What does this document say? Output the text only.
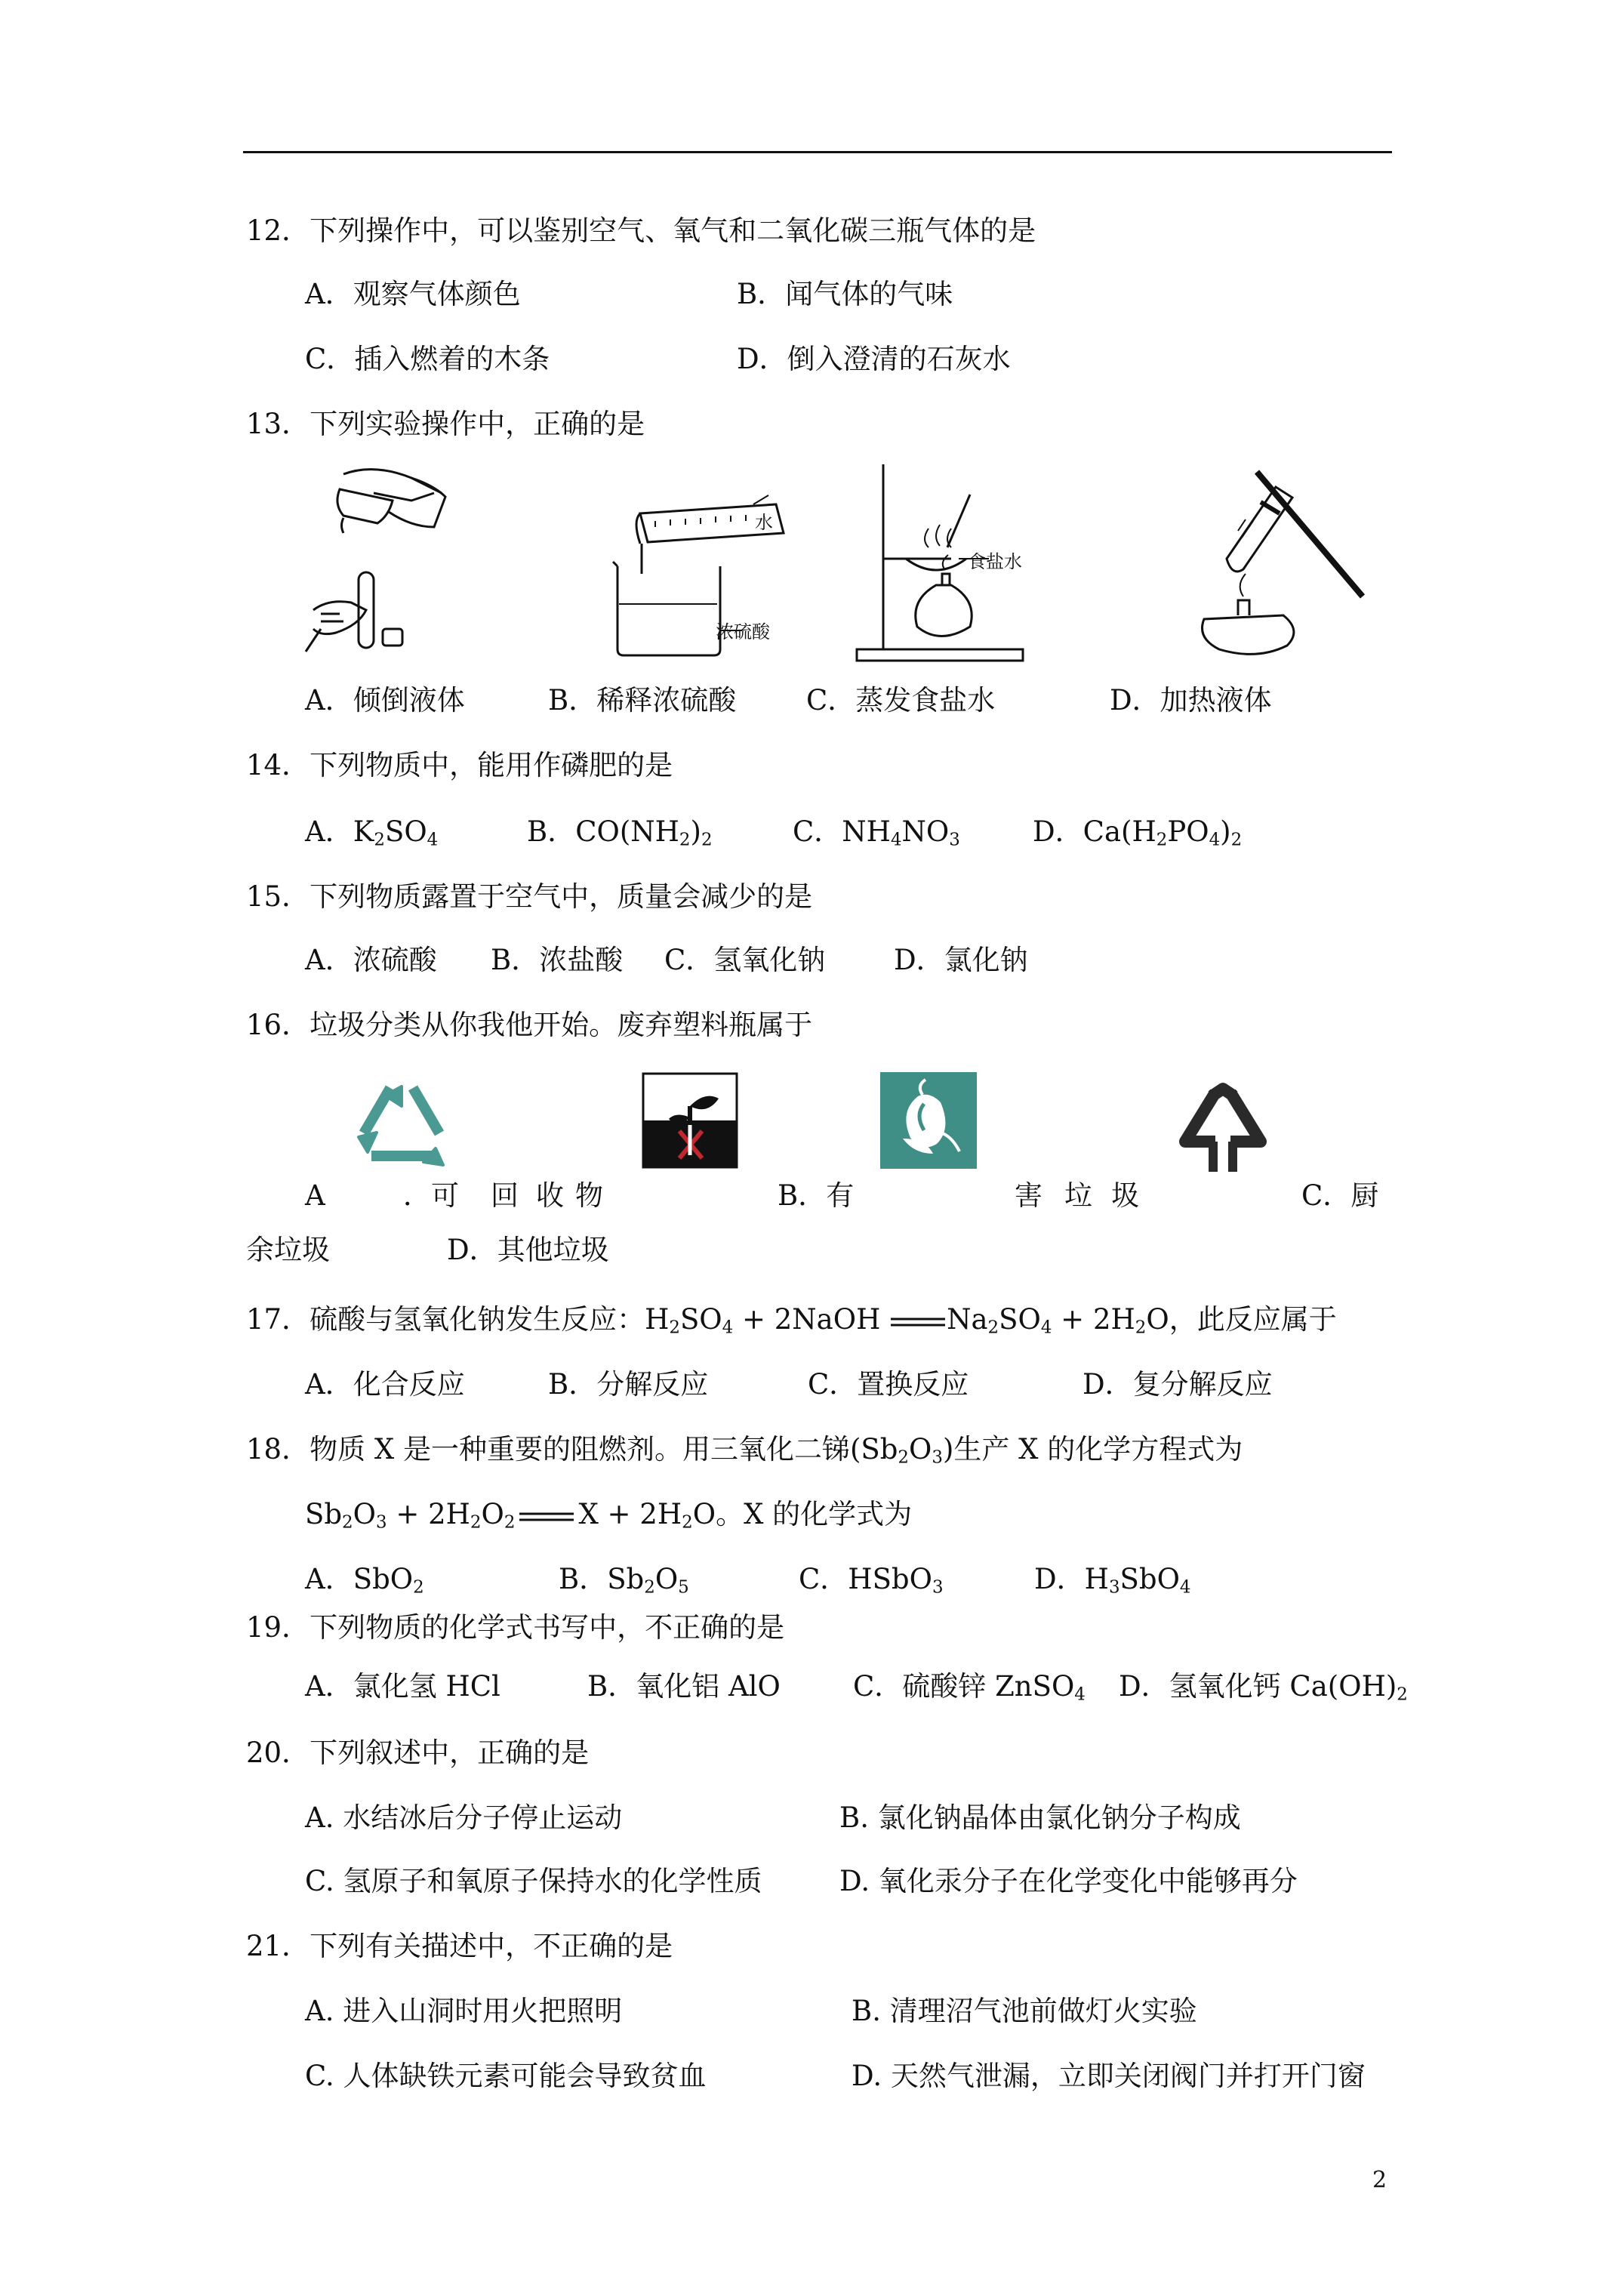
12．下列操作中，可以鉴别空气、氧气和二氧化碳三瓶气体的是
A．观察气体颜色	B．闻气体的气味
C．插入燃着的木条	D．倒入澄清的石灰水
13．下列实验操作中，正确的是
水
浓硫酸
食盐水
A．倾倒液体	B．稀释浓硫酸	C．蒸发食盐水	D．加热液体
14．下列物质中，能用作磷肥的是
A．$K_2SO_4$	B．$CO(NH_2)_2$	C．$NH_4NO_3$	D．$Ca(H_2PO_4)_2$
15．下列物质露置于空气中，质量会减少的是
A．浓硫酸 B．浓盐酸 C．氢氧化钠 D．氯化钠
16．垃圾分类从你我他开始。废弃塑料瓶属于
A	．可 回 收 物	B．有	害 垃 圾	C．厨
余垃圾	D．其他垃圾
17．硫酸与氢氧化钠发生反应：$H_2SO_4$ + 2NaOH $Na_2SO_4 + 2H_2O$，此反应属于
A．化合反应	B．分解反应	C．置换反应	D．复分解反应
18．物质 X 是一种重要的阻燃剂。用三氧化二锑$(Sb_2O_3)$生产 X 的化学方程式为
$Sb_2O_3 + 2H_2O_2$ $X + 2H_2O$。X 的化学式为
A．SbO$_2$	B．$Sb_2O_5$	C．HSbO$_3$	D．$H_3SbO_4$
19．下列物质的化学式书写中，不正确的是
A．氯化氢 HCl	B．氧化铝 AlO	C．硫酸锌 ZnSO$_4$ D．氢氧化钙 $Ca(OH)_2$
20．下列叙述中，正确的是
A. 水结冰后分子停止运动	B. 氯化钠晶体由氯化钠分子构成
C. 氢原子和氧原子保持水的化学性质	D. 氧化汞分子在化学变化中能够再分
21．下列有关描述中，不正确的是
A. 进入山洞时用火把照明	B. 清理沼气池前做灯火实验
C. 人体缺铁元素可能会导致贫血	D. 天然气泄漏，立即关闭阀门并打开门窗
2
